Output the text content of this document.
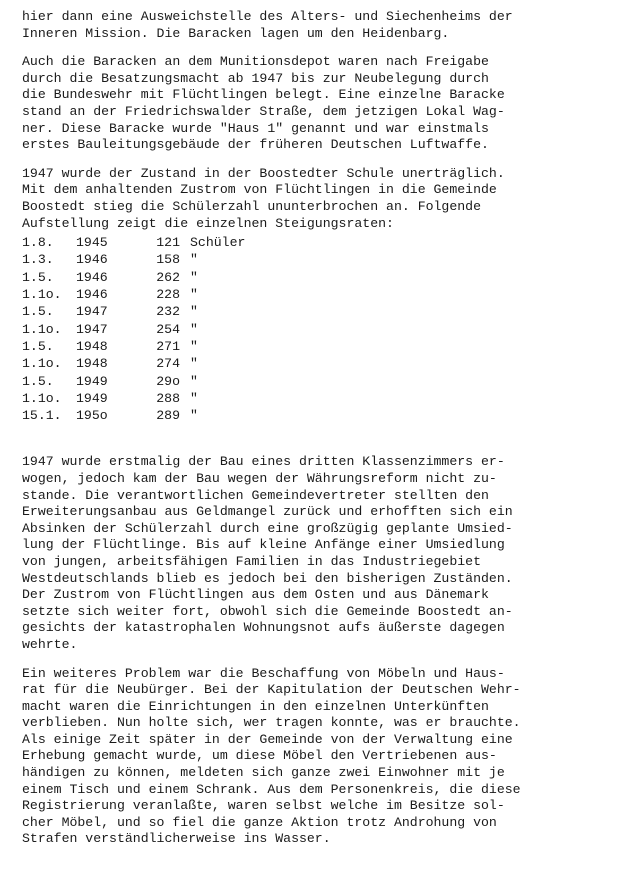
hier dann eine Ausweichstelle des Alters- und Siechenheims der
Inneren Mission. Die Baracken lagen um den Heidenbarg.

Auch die Baracken an dem Munitionsdepot waren nach Freigabe
durch die Besatzungsmacht ab 1947 bis zur Neubelegung durch
die Bundeswehr mit Flüchtlingen belegt. Eine einzelne Baracke
stand an der Friedrichswalder Straße, dem jetzigen Lokal Wag-
ner. Diese Baracke wurde "Haus 1" genannt und war einstmals
erstes Bauleitungsgebäude der früheren Deutschen Luftwaffe.

1947 wurde der Zustand in der Boostedter Schule unerträglich.
Mit dem anhaltenden Zustrom von Flüchtlingen in die Gemeinde
Boostedt stieg die Schülerzahl ununterbrochen an. Folgende
Aufstellung zeigt die einzelnen Steigungsraten:

1.8.	1945	121 Schüler
1.3.	1946	158 "
1.5.	1946	262 "
1.1o.	1946	228 "
1.5.	1947	232 "
1.1o.	1947	254 "
1.5.	1948	271 "
1.1o.	1948	274 "
1.5.	1949	29o "
1.1o.	1949	288 "
15.1.	195o	289 "

1947 wurde erstmalig der Bau eines dritten Klassenzimmers er-
wogen, jedoch kam der Bau wegen der Währungsreform nicht zu-
stande. Die verantwortlichen Gemeindevertreter stellten den
Erweiterungsanbau aus Geldmangel zurück und erhofften sich ein
Absinken der Schülerzahl durch eine großzügig geplante Umsied-
lung der Flüchtlinge. Bis auf kleine Anfänge einer Umsiedlung
von jungen, arbeitsfähigen Familien in das Industriegebiet
Westdeutschlands blieb es jedoch bei den bisherigen Zuständen.
Der Zustrom von Flüchtlingen aus dem Osten und aus Dänemark
setzte sich weiter fort, obwohl sich die Gemeinde Boostedt an-
gesichts der katastrophalen Wohnungsnot aufs äußerste dagegen
wehrte.

Ein weiteres Problem war die Beschaffung von Möbeln und Haus-
rat für die Neubürger. Bei der Kapitulation der Deutschen Wehr-
macht waren die Einrichtungen in den einzelnen Unterkünften
verblieben. Nun holte sich, wer tragen konnte, was er brauchte.
Als einige Zeit später in der Gemeinde von der Verwaltung eine
Erhebung gemacht wurde, um diese Möbel den Vertriebenen aus-
händigen zu können, meldeten sich ganze zwei Einwohner mit je
einem Tisch und einem Schrank. Aus dem Personenkreis, die diese
Registrierung veranlaßte, waren selbst welche im Besitze sol-
cher Möbel, und so fiel die ganze Aktion trotz Androhung von
Strafen verständlicherweise ins Wasser.
